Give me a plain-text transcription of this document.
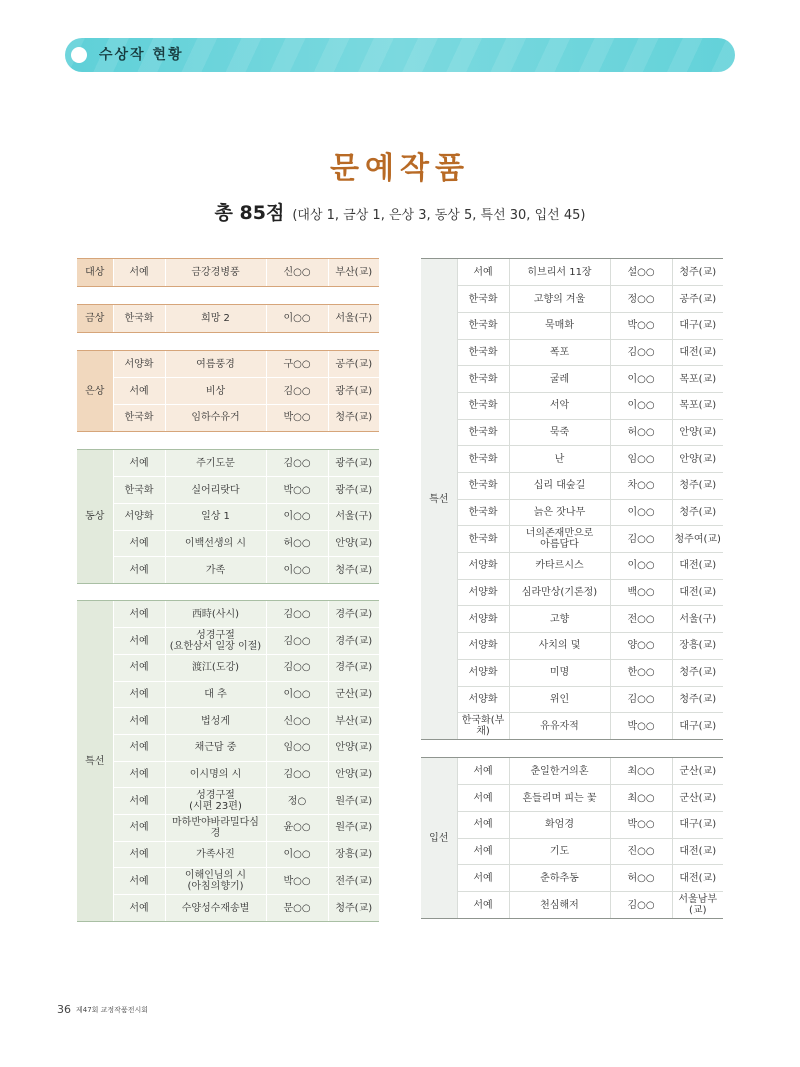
수상작 현황
문예작품
총 85점 (대상 1, 금상 1, 은상 3, 동상 5, 특선 30, 입선 45)
대상	서예	금강경병풍	신○○	부산(교)
금상	한국화	희망 2	이○○	서울(구)
은상	서양화	여름풍경	구○○	공주(교)
	서예	비상	김○○	광주(교)
	한국화	임하수유거	박○○	청주(교)
동상	서예	주기도문	김○○	광주(교)
	한국화	실어리랏다	박○○	광주(교)
	서양화	일상 1	이○○	서울(구)
	서예	이백선생의 시	허○○	안양(교)
	서예	가족	이○○	청주(교)
특선	서예	西時(사시)	김○○	경주(교)
	서예	성경구절
(요한삼서 일장 이절)	김○○	경주(교)
	서예	渡江(도강)	김○○	경주(교)
	서예	대 추	이○○	군산(교)
	서예	법성게	신○○	부산(교)
	서예	채근담 중	임○○	안양(교)
	서예	이시명의 시	김○○	안양(교)
	서예	성경구절
(시편 23편)	정○	원주(교)
	서예	마하반야바라밀다심경	윤○○	원주(교)
	서예	가족사진	이○○	장흥(교)
	서예	이해인님의 시
(아침의향기)	박○○	전주(교)
	서예	수양성수재송별	문○○	청주(교)
특선	서예	히브리서 11장	설○○	청주(교)
	한국화	고향의 겨울	정○○	공주(교)
	한국화	묵매화	박○○	대구(교)
	한국화	폭포	김○○	대전(교)
	한국화	굴레	이○○	목포(교)
	한국화	서악	이○○	목포(교)
	한국화	묵죽	허○○	안양(교)
	한국화	난	임○○	안양(교)
	한국화	십리 대숲길	차○○	청주(교)
	한국화	늙은 잣나무	이○○	청주(교)
	한국화	너의존재만으로
아름답다	김○○	청주여(교)
	서양화	카타르시스	이○○	대전(교)
	서양화	심라만상(기론정)	백○○	대전(교)
	서양화	고향	전○○	서울(구)
	서양화	사치의 덫	양○○	장흥(교)
	서양화	미명	한○○	청주(교)
	서양화	위인	김○○	청주(교)
	한국화(부채)	유유자적	박○○	대구(교)
입선	서예	춘일한거의혼	최○○	군산(교)
	서예	흔들리며 피는 꽃	최○○	군산(교)
	서예	화엄경	박○○	대구(교)
	서예	기도	진○○	대전(교)
	서예	춘하추동	허○○	대전(교)
	서예	천심해저	김○○	서울남부(교)
36 제47회 교정작품전시회
